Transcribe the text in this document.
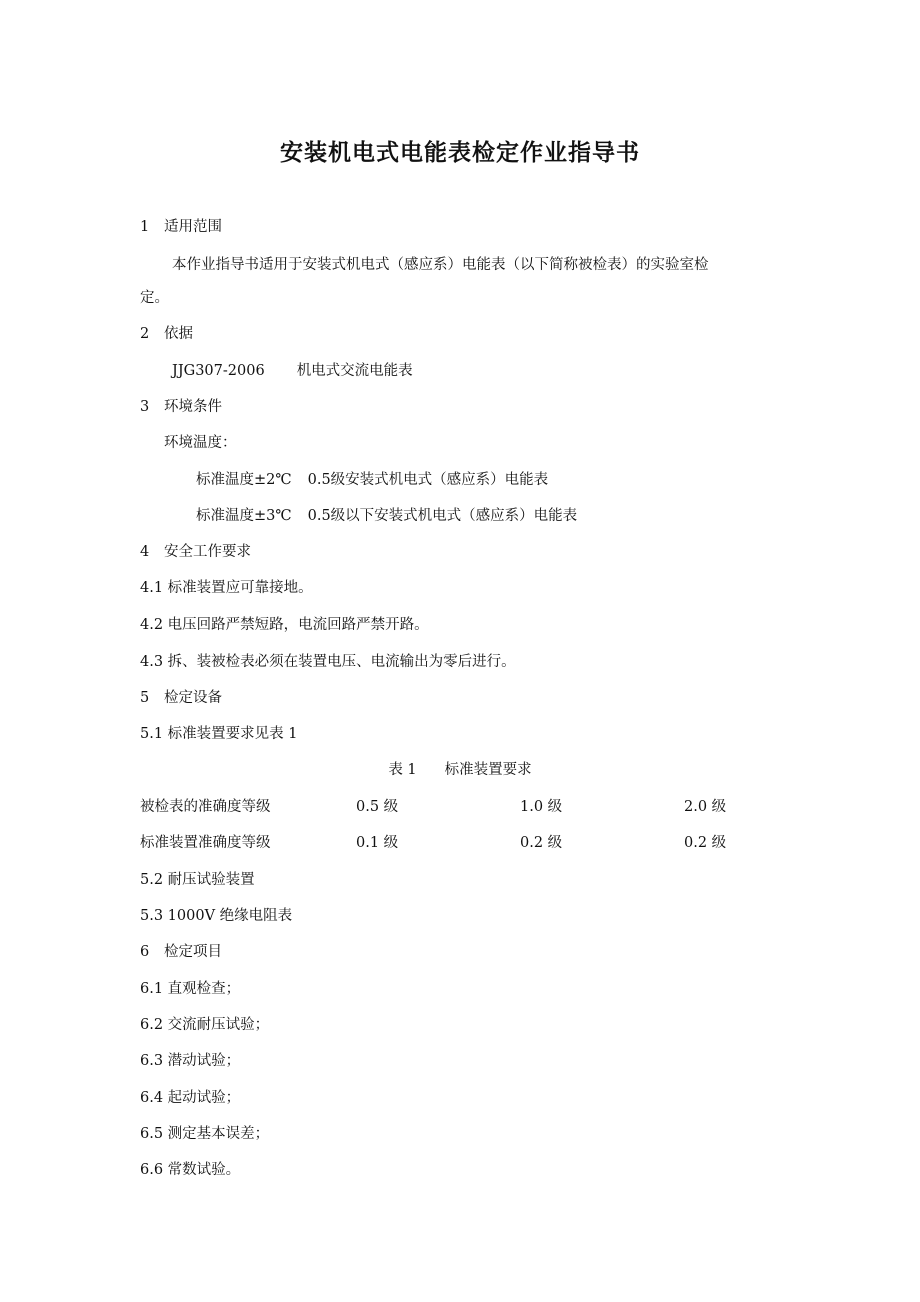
安装机电式电能表检定作业指导书
1 适用范围
本作业指导书适用于安装式机电式（感应系）电能表（以下简称被检表）的实验室检
定。
2 依据
JJG307-2006 机电式交流电能表
3 环境条件
环境温度：
标准温度±2℃ 0.5级安装式机电式（感应系）电能表
标准温度±3℃ 0.5级以下安装式机电式（感应系）电能表
4 安全工作要求
4.1 标准装置应可靠接地。
4.2 电压回路严禁短路，电流回路严禁开路。
4.3 拆、装被检表必须在装置电压、电流输出为零后进行。
5 检定设备
5.1 标准装置要求见表 1
表 1 标准装置要求
被检表的准确度等级	0.5 级	1.0 级	2.0 级
标准装置准确度等级	0.1 级	0.2 级	0.2 级
5.2 耐压试验装置
5.3 1000V 绝缘电阻表
6 检定项目
6.1 直观检查；
6.2 交流耐压试验；
6.3 潜动试验；
6.4 起动试验；
6.5 测定基本误差；
6.6 常数试验。
